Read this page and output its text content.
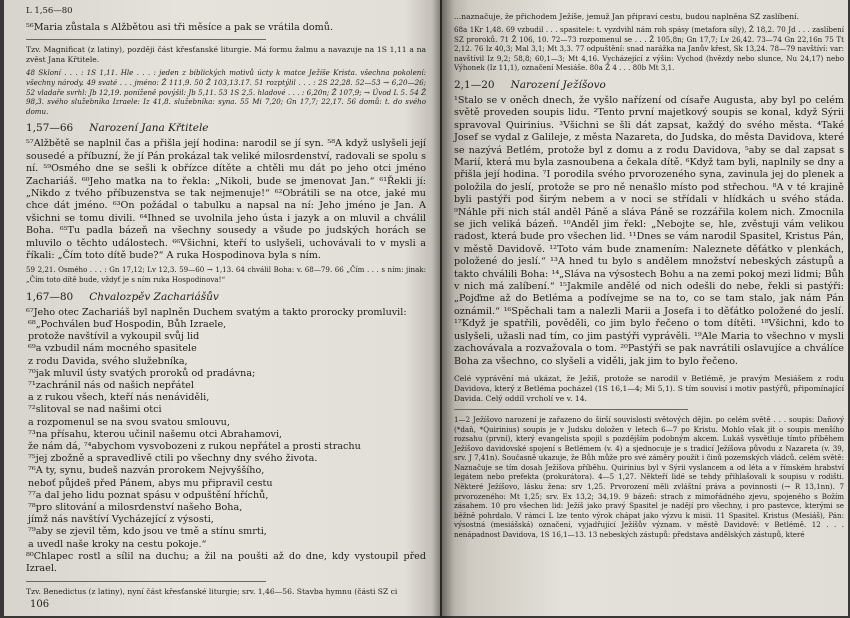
L 1,56—80

⁵⁶Maria zůstala s Alžbětou asi tři měsíce a pak se vrátila domů.

Tzv. Magnificat (z latiny), později část křesťanské liturgie. Má formu žalmu a navazuje na 1S 1,11 a na zvěst Jana Křtitele.

48 Skloní . . . : 1S 1,11. Hle . . . : jeden z biblických motivů úcty k matce Ježíše Krista. všechna pokolení: všechny národy. 49 svaté . . . jméno: Ž 111,9. 50 Ž 103,13.17. 51 rozptýlil . . . : 2S 22,28. 52—53 → 6,20—26; 52 vladaře svrhl: Jb 12,19. poníženě povýšil: Jb 5,11. 53 1S 2,5. hladové . . . : 6,20n; Ž 107,9; → Úvod L 5. 54 Ž 98,3. svého služebníka Izraele: Iz 41,8. služebníka: syna. 55 Mi 7,20; Gn 17,7; 22,17. 56 domů: t. do svého domu.

1,57—66 Narození Jana Křtitele

⁵⁷Alžbětě se naplnil čas a přišla její hodina: narodil se jí syn. ⁵⁸A když uslyšeli její sousedé a příbuzní, že jí Pán prokázal tak veliké milosrdenství, radovali se spolu s ní. ⁵⁹Osmého dne se sešli k obřízce dítěte a chtěli mu dát po jeho otci jméno Zachariáš. ⁶⁰Jeho matka na to řekla: „Nikoli, bude se jmenovat Jan.“ ⁶¹Řekli jí: „Nikdo z tvého příbuzenstva se tak nejmenuje!“ ⁶²Obrátili se na otce, jaké mu chce dát jméno. ⁶³On požádal o tabulku a napsal na ní: Jeho jméno je Jan. A všichni se tomu divili. ⁶⁴Ihned se uvolnila jeho ústa i jazyk a on mluvil a chválil Boha. ⁶⁵Tu padla bázeň na všechny sousedy a všude po judských horách se mluvilo o těchto událostech. ⁶⁶Všichni, kteří to uslyšeli, uchovávali to v mysli a říkali: „Čím toto dítě bude?“ A ruka Hospodinova byla s ním.

59 2,21. Osmého . . . : Gn 17,12; Lv 12,3. 59—60 → 1,13. 64 chválil Boha: v. 68—79. 66 „Čím . . . s ním: jinak: „Čím toto dítě bude, vždyť je s ním ruka Hospodinova!“

1,67—80 Chvalozpěv Zachariášův

⁶⁷Jeho otec Zachariáš byl naplněn Duchem svatým a takto prorocky promluvil:

⁶⁸„Pochválen buď Hospodin, Bůh Izraele,
protože navštívil a vykoupil svůj lid
⁶⁹a vzbudil nám mocného spasitele
z rodu Davida, svého služebníka,
⁷⁰jak mluvil ústy svatých proroků od pradávna;
⁷¹zachránil nás od našich nepřátel
a z rukou všech, kteří nás nenáviděli,
⁷²slitoval se nad našimi otci
a rozpomenul se na svou svatou smlouvu,
⁷³na přísahu, kterou učinil našemu otci Abrahamovi,
že nám dá, ⁷⁴abychom vysvobozeni z rukou nepřátel a prosti strachu
⁷⁵jej zbožně a spravedlivě ctili po všechny dny svého života.
⁷⁶A ty, synu, budeš nazván prorokem Nejvyššího,
neboť půjdeš před Pánem, abys mu připravil cestu
⁷⁷a dal jeho lidu poznat spásu v odpuštění hříchů,
⁷⁸pro slitování a milosrdenství našeho Boha,
jímž nás navštíví Vycházející z výsosti,
⁷⁹aby se zjevil těm, kdo jsou ve tmě a stínu smrti,
a uvedl naše kroky na cestu pokoje.“

⁸⁰Chlapec rostl a sílil na duchu; a žil na poušti až do dne, kdy vystoupil před Izrael.

Tzv. Benedictus (z latiny), nyní část křesťanské liturgie; srv. 1,46—56. Stavba hymnu (části SZ ci

106

...naznačuje, že přichodem Ježíše, jemuž Jan připraví cestu, budou naplněna SZ zaslíbení.

68a 1Kr 1,48. 69 vzbudil . . . spasitele: t. vyzdvihl nám roh spásy (metafora síly), Ž 18,2. 70 Jd . . . zaslíbení SZ proroků. 71 Ž 106, 10. 72—73 rozpomenul se . . . Ž 105,8n; Gn 17,7; Lv 26,42. 73—74 Gn 22,16n 75 Tt 2,12. 76 Iz 40,3; Mal 3,1; Mt 3,3. 77 odpuštění: snad narážka na Janův křest, Sk 13,24. 78—79 navštíví: var: navštívil Iz 9,2; 58,8; 60,1—3; Mt 4,16. Vycházející z výšin: Vychod (hvězdy nebo slunce, Nu 24,17) nebo Výhonek (Iz 11,1), označení Mesiáše. 80a Ž 4 . . . 80b Mt 3,1.

2,1—20 Narození Ježíšovo

¹Stalo se v oněch dnech, že vyšlo nařízení od císaře Augusta, aby byl po celém světě proveden soupis lidu. ²Tento první majetkový soupis se konal, když Sýrii spravoval Quirinius. ³Všichni se šli dát zapsat, každý do svého města. ⁴Také Josef se vydal z Galileje, z města Nazareta, do Judska, do města Davidova, které se nazývá Betlém, protože byl z domu a z rodu Davidova, ⁵aby se dal zapsat s Marií, která mu byla zasnoubena a čekala dítě. ⁶Když tam byli, naplnily se dny a přišla její hodina. ⁷I porodila svého prvorozeného syna, zavinula jej do plenek a položila do jeslí, protože se pro ně nenašlo místo pod střechou. ⁸A v té krajině byli pastýři pod širým nebem a v noci se střídali v hlídkách u svého stáda. ⁹Náhle při nich stál anděl Páně a sláva Páně se rozzářila kolem nich. Zmocnila se jich veliká bázeň. ¹⁰Anděl jim řekl: „Nebojte se, hle, zvěstuji vám velikou radost, která bude pro všechen lid. ¹¹Dnes se vám narodil Spasitel, Kristus Pán, v městě Davidově. ¹²Toto vám bude znamením: Naleznete děťátko v plenkách, položené do jeslí.“ ¹³A hned tu bylo s andělem množství nebeských zástupů a takto chválili Boha: ¹⁴„Sláva na výsostech Bohu a na zemi pokoj mezi lidmi; Bůh v nich má zalíbení.“ ¹⁵Jakmile andělé od nich odešli do nebe, řekli si pastýři: „Pojďme až do Betléma a podívejme se na to, co se tam stalo, jak nám Pán oznámil.“ ¹⁶Spěchali tam a nalezli Marii a Josefa i to děťátko položené do jeslí. ¹⁷Když je spatřili, pověděli, co jim bylo řečeno o tom dítěti. ¹⁸Všichni, kdo to uslyšeli, užasli nad tím, co jim pastýři vyprávěli. ¹⁹Ale Maria to všechno v mysli zachovávala a rozvažovala o tom. ²⁰Pastýři se pak navrátili oslavujíce a chválíce Boha za všechno, co slyšeli a viděli, jak jim to bylo řečeno.

Celé vyprávění má ukázat, že Ježíš, protože se narodil v Betlémě, je pravým Mesiášem z rodu Davidova, který z Betléma pocházel (1S 16,1—4; Mi 5,1). S tím souvisí i motiv pastýřů, připomínající Davida. Celý oddíl vrcholí ve v. 14.

1—2 Ježíšovo narození je zařazeno do širší souvislosti světových dějin. po celém světě . . . soupis: Daňový (*daň, *Quirinius) soupis je v Judsku doložen v letech 6—7 po Kristu. Mohlo však jít o soupis menšího rozsahu (první), který evangelista spojil s pozdějším podobným akcem. Lukáš vysvětluje tímto příběhem Ježíšovo davidovské spojení s Betlémem (v. 4) a sjednocuje je s tradicí Ježíšova původu z Nazareta (v. 39, srv. J 7,41n). Současně ukazuje, že Bůh může pro své záměry použít i činů pozemských vládců. celém světě: Naznačuje se tím dosah Ježíšova příběhu. Quirinius byl v Sýrii vyslancem a od léta a v římském hrabství legátem nebo prefekta (prokurátora). 4—5 1,27. Někteří lidé se tehdy přihlašovali k soupisu v rodišti. Některé Ježíšovo, lásku žena: srv 1,25. Prvorození měli zvláštní práva a povinnosti (→ R 13,1nn). 7 prvorozeného: Mt 1,25; srv. Ex 13,2; 34,19. 9 bázeň: strach z mimořádného zjevu, spojeného s Božím zásahem. 10 pro všechen lid: Ježíš jako pravý Spasitel je nadějí pro všechny, i pro pastevce, kterými se běžně pohrdalo. V rámci L lze tento výrok chápat jako výzvu k misii. 11 Spasitel. Kristus (Mesiáš), Pán: výsostná (mesiášská) označení, vyjadřující Ježíšův význam. v městě Davidově: v Betlémě. 12 . . . nenápadnost Davidova, 1S 16,1—13. 13 nebeských zástupů: představa andělských zástupů, které
